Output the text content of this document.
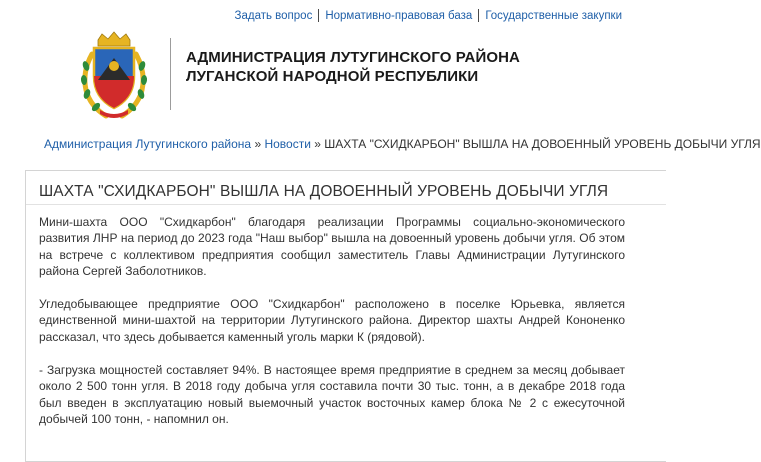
Задать вопрос Нормативно-правовая база Государственные закупки
АДМИНИСТРАЦИЯ ЛУТУГИНСКОГО РАЙОНА
ЛУГАНСКОЙ НАРОДНОЙ РЕСПУБЛИКИ
Администрация Лутугинского района » Новости » ШАХТА "СХИДКАРБОН" ВЫШЛА НА ДОВОЕННЫЙ УРОВЕНЬ ДОБЫЧИ УГЛЯ
ШАХТА "СХИДКАРБОН" ВЫШЛА НА ДОВОЕННЫЙ УРОВЕНЬ ДОБЫЧИ УГЛЯ

Мини-шахта ООО "Схидкарбон" благодаря реализации Программы социально-экономического развития ЛНР на период до 2023 года "Наш выбор" вышла на довоенный уровень добычи угля. Об этом на встрече с коллективом предприятия сообщил заместитель Главы Администрации Лутугинского района Сергей Заболотников.

Угледобывающее предприятие ООО "Схидкарбон" расположено в поселке Юрьевка, является единственной мини-шахтой на территории Лутугинского района. Директор шахты Андрей Кононенко рассказал, что здесь добывается каменный уголь марки К (рядовой).

- Загрузка мощностей составляет 94%. В настоящее время предприятие в среднем за месяц добывает около 2 500 тонн угля. В 2018 году добыча угля составила почти 30 тыс. тонн, а в декабре 2018 года был введен в эксплуатацию новый выемочный участок восточных камер блока № 2 с ежесуточной добычей 100 тонн, - напомнил он.
